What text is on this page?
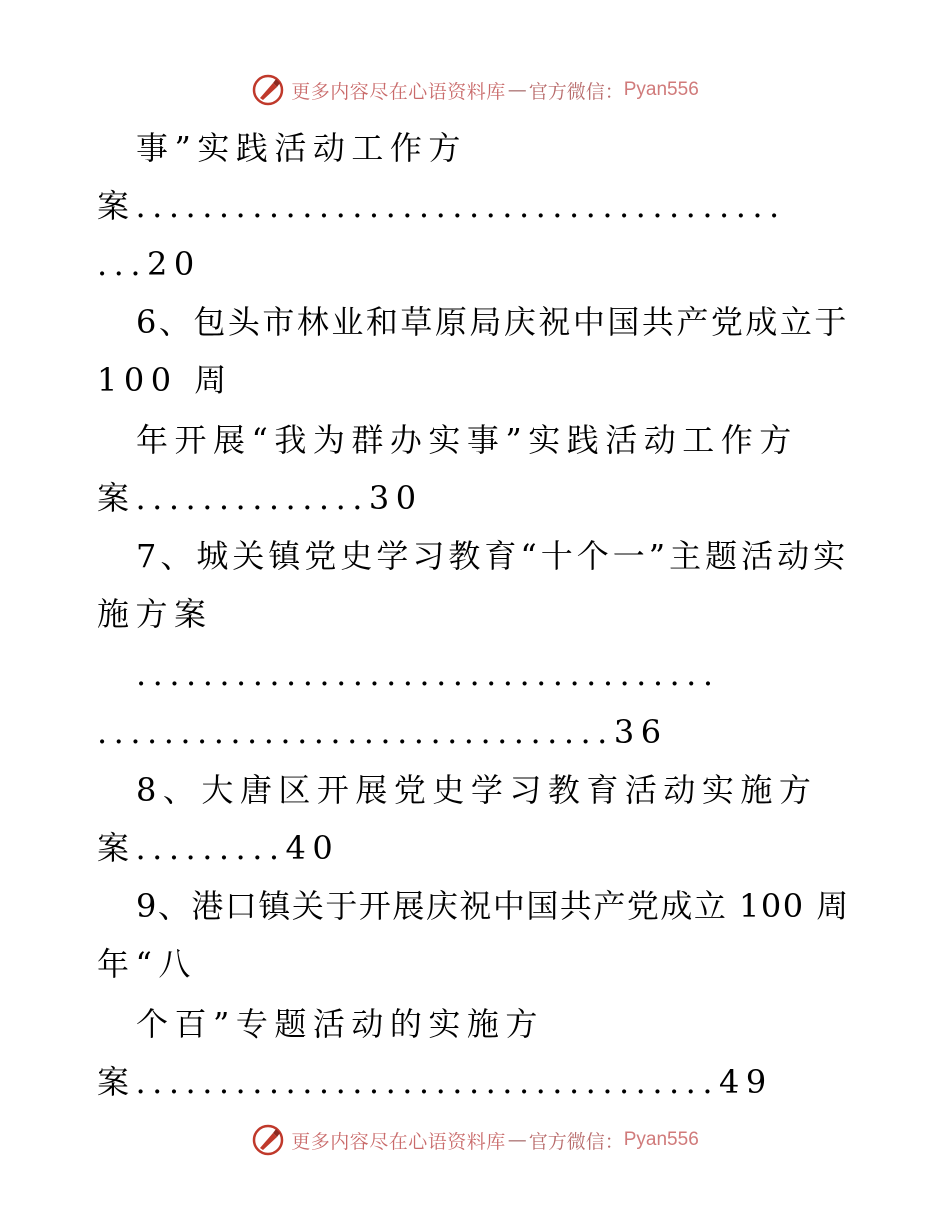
更多内容尽在心语资料库 — 官方微信： Pyan556
事”实践活动工作方
案.......................................
...20
6、包头市林业和草原局庆祝中国共产党成立于
100 周
年开展“我为群办实事”实践活动工作方
案..............30
7、城关镇党史学习教育“十个一”主题活动实
施方案
...................................
...............................36
8、大唐区开展党史学习教育活动实施方
案.........40
9、港口镇关于开展庆祝中国共产党成立 100 周
年“八
个百”专题活动的实施方
案...................................49
更多内容尽在心语资料库 — 官方微信： Pyan556
